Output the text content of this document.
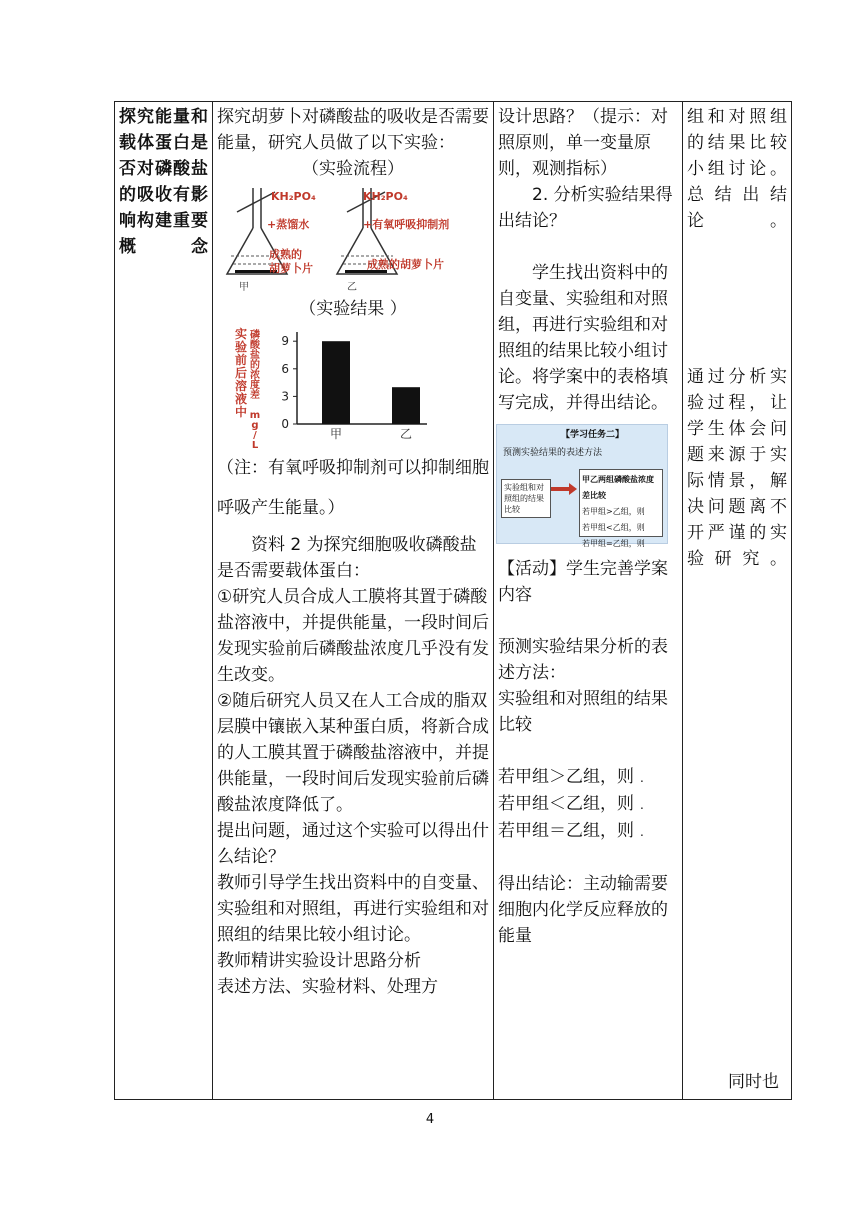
探究能量和载体蛋白是否对磷酸盐的吸收有影响构建重要概念

探究胡萝卜对磷酸盐的吸收是否需要能量，研究人员做了以下实验：

（实验流程）

KH₂PO₄
+蒸馏水
成熟的
胡萝卜片
甲
KH₂PO₄
+有氧呼吸抑制剂
成熟的胡萝卜片
乙

（实验结果 ）

实
验
前
后
溶
液
中
磷
酸
盐
的
浓
度
差
m
g
/
L
0
3
6
9
甲	乙

（注：有氧呼吸抑制剂可以抑制细胞呼吸产生能量。）

资料 2 为探究细胞吸收磷酸盐是否需要载体蛋白：

①研究人员合成人工膜将其置于磷酸盐溶液中，并提供能量，一段时间后发现实验前后磷酸盐浓度几乎没有发生改变。

②随后研究人员又在人工合成的脂双层膜中镶嵌入某种蛋白质，将新合成的人工膜其置于磷酸盐溶液中，并提供能量，一段时间后发现实验前后磷酸盐浓度降低了。

提出问题，通过这个实验可以得出什么结论？

教师引导学生找出资料中的自变量、实验组和对照组，再进行实验组和对照组的结果比较小组讨论。

教师精讲实验设计思路分析

表述方法、实验材料、处理方

设计思路？（提示：对照原则，单一变量原则，观测指标）

2. 分析实验结果得出结论？

学生找出资料中的自变量、实验组和对照组，再进行实验组和对照组的结果比较小组讨论。将学案中的表格填写完成，并得出结论。

【学习任务二】
预测实验结果的表述方法
实验组和对照组的结果比较
甲乙两组磷酸盐浓度差比较
若甲组>乙组，则
若甲组<乙组，则
若甲组=乙组，则

【活动】学生完善学案内容

预测实验结果分析的表述方法：

实验组和对照组的结果比较

若甲组＞乙组，则 .

若甲组＜乙组，则 .

若甲组＝乙组，则 .

得出结论：主动输需要细胞内化学反应释放的能量

组和对照组的结果比较小组讨论。总结出结论。
通过分析实验过程，让学生体会问题来源于实际情景，解决问题离不开严谨的实验研究。
同时也
4
